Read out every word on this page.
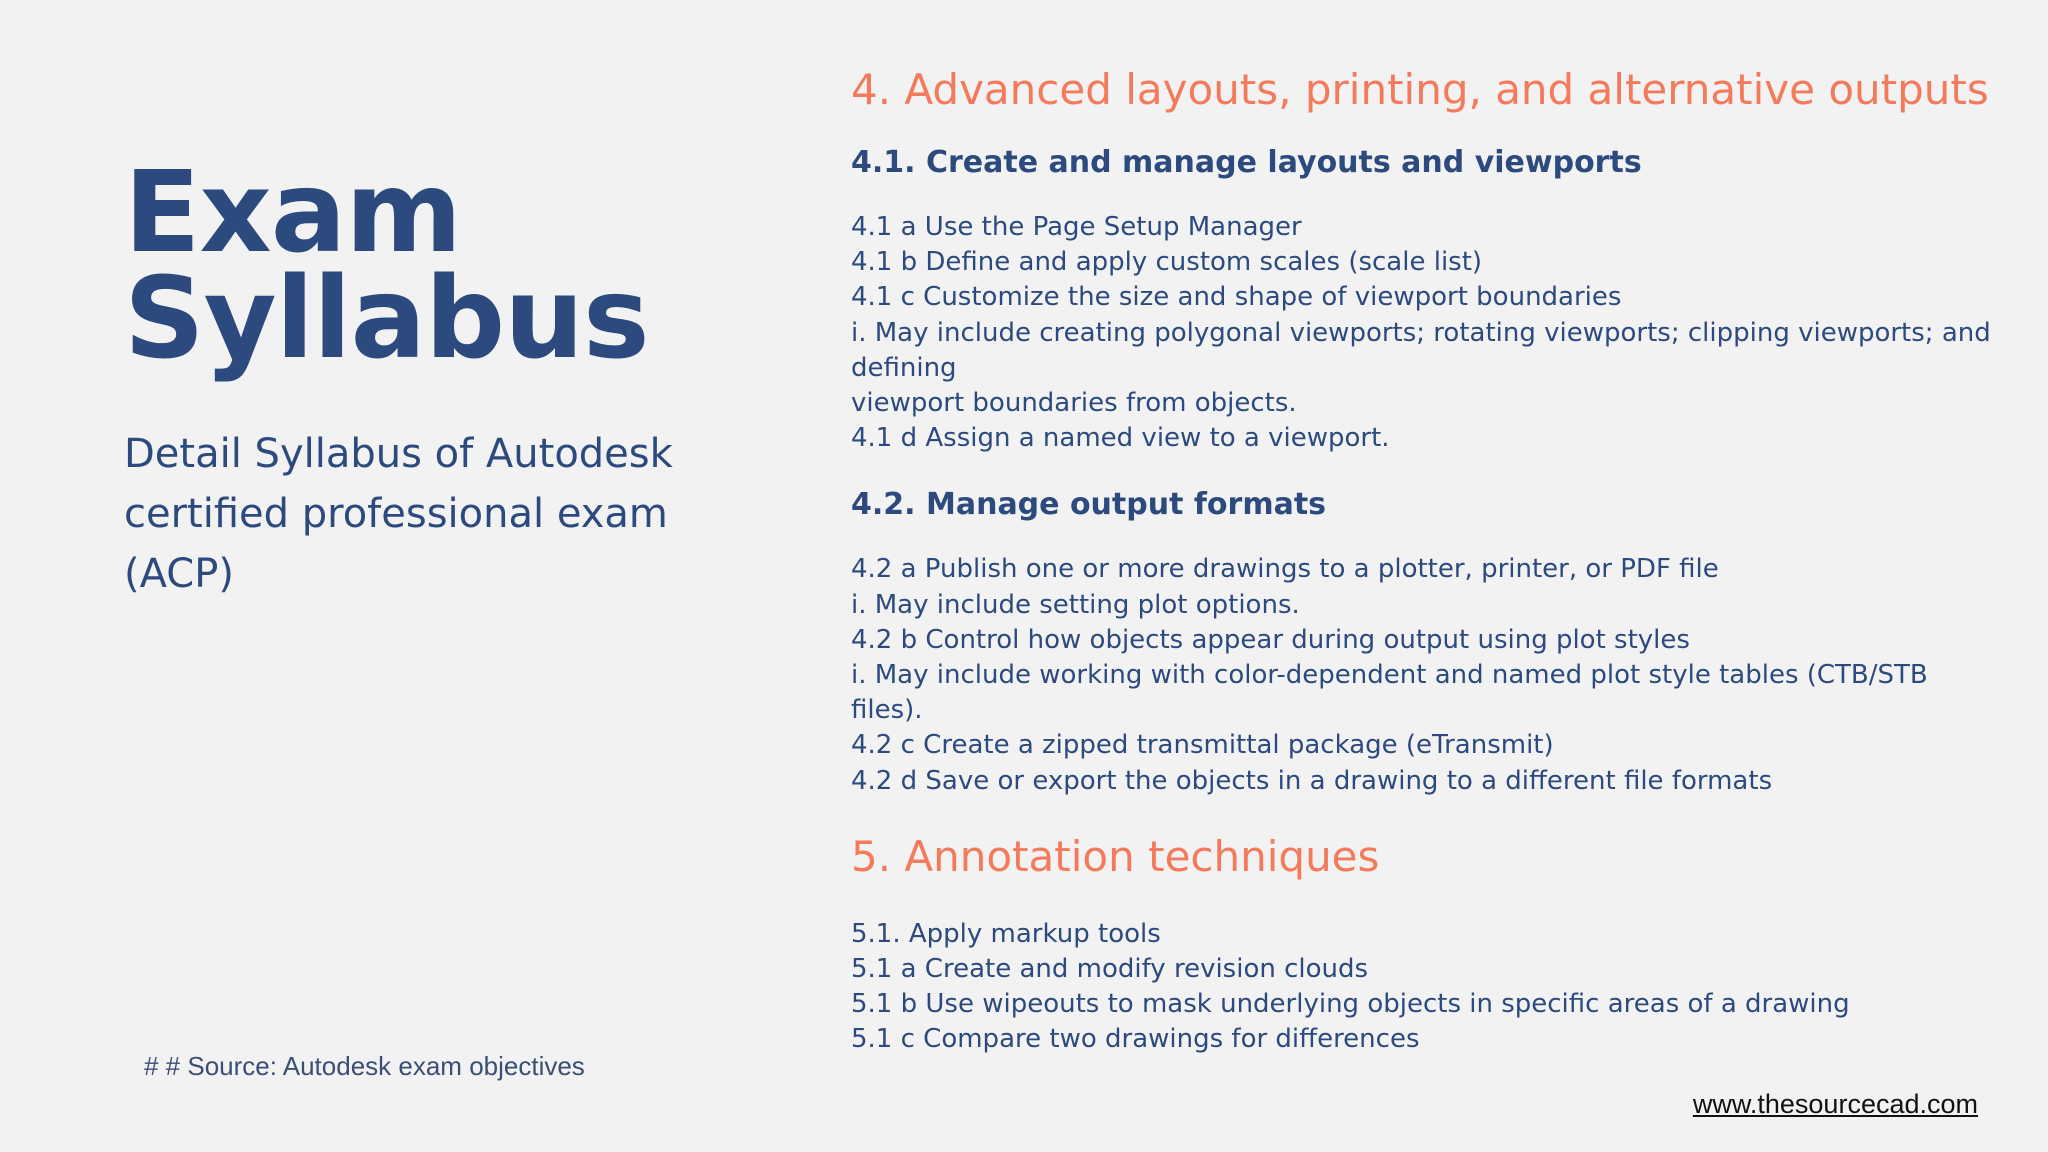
Exam
Syllabus
Detail Syllabus of Autodesk certified professional exam (ACP)
# # Source: Autodesk exam objectives
4. Advanced layouts, printing, and alternative outputs
4.1. Create and manage layouts and viewports
4.1 a Use the Page Setup Manager
4.1 b Define and apply custom scales (scale list)
4.1 c Customize the size and shape of viewport boundaries
i. May include creating polygonal viewports; rotating viewports; clipping viewports; and defining
viewport boundaries from objects.
4.1 d Assign a named view to a viewport.
4.2. Manage output formats
4.2 a Publish one or more drawings to a plotter, printer, or PDF file
i. May include setting plot options.
4.2 b Control how objects appear during output using plot styles
i. May include working with color-dependent and named plot style tables (CTB/STB files).
4.2 c Create a zipped transmittal package (eTransmit)
4.2 d Save or export the objects in a drawing to a different file formats
5. Annotation techniques
5.1. Apply markup tools
5.1 a Create and modify revision clouds
5.1 b Use wipeouts to mask underlying objects in specific areas of a drawing
5.1 c Compare two drawings for differences
www.thesourcecad.com
